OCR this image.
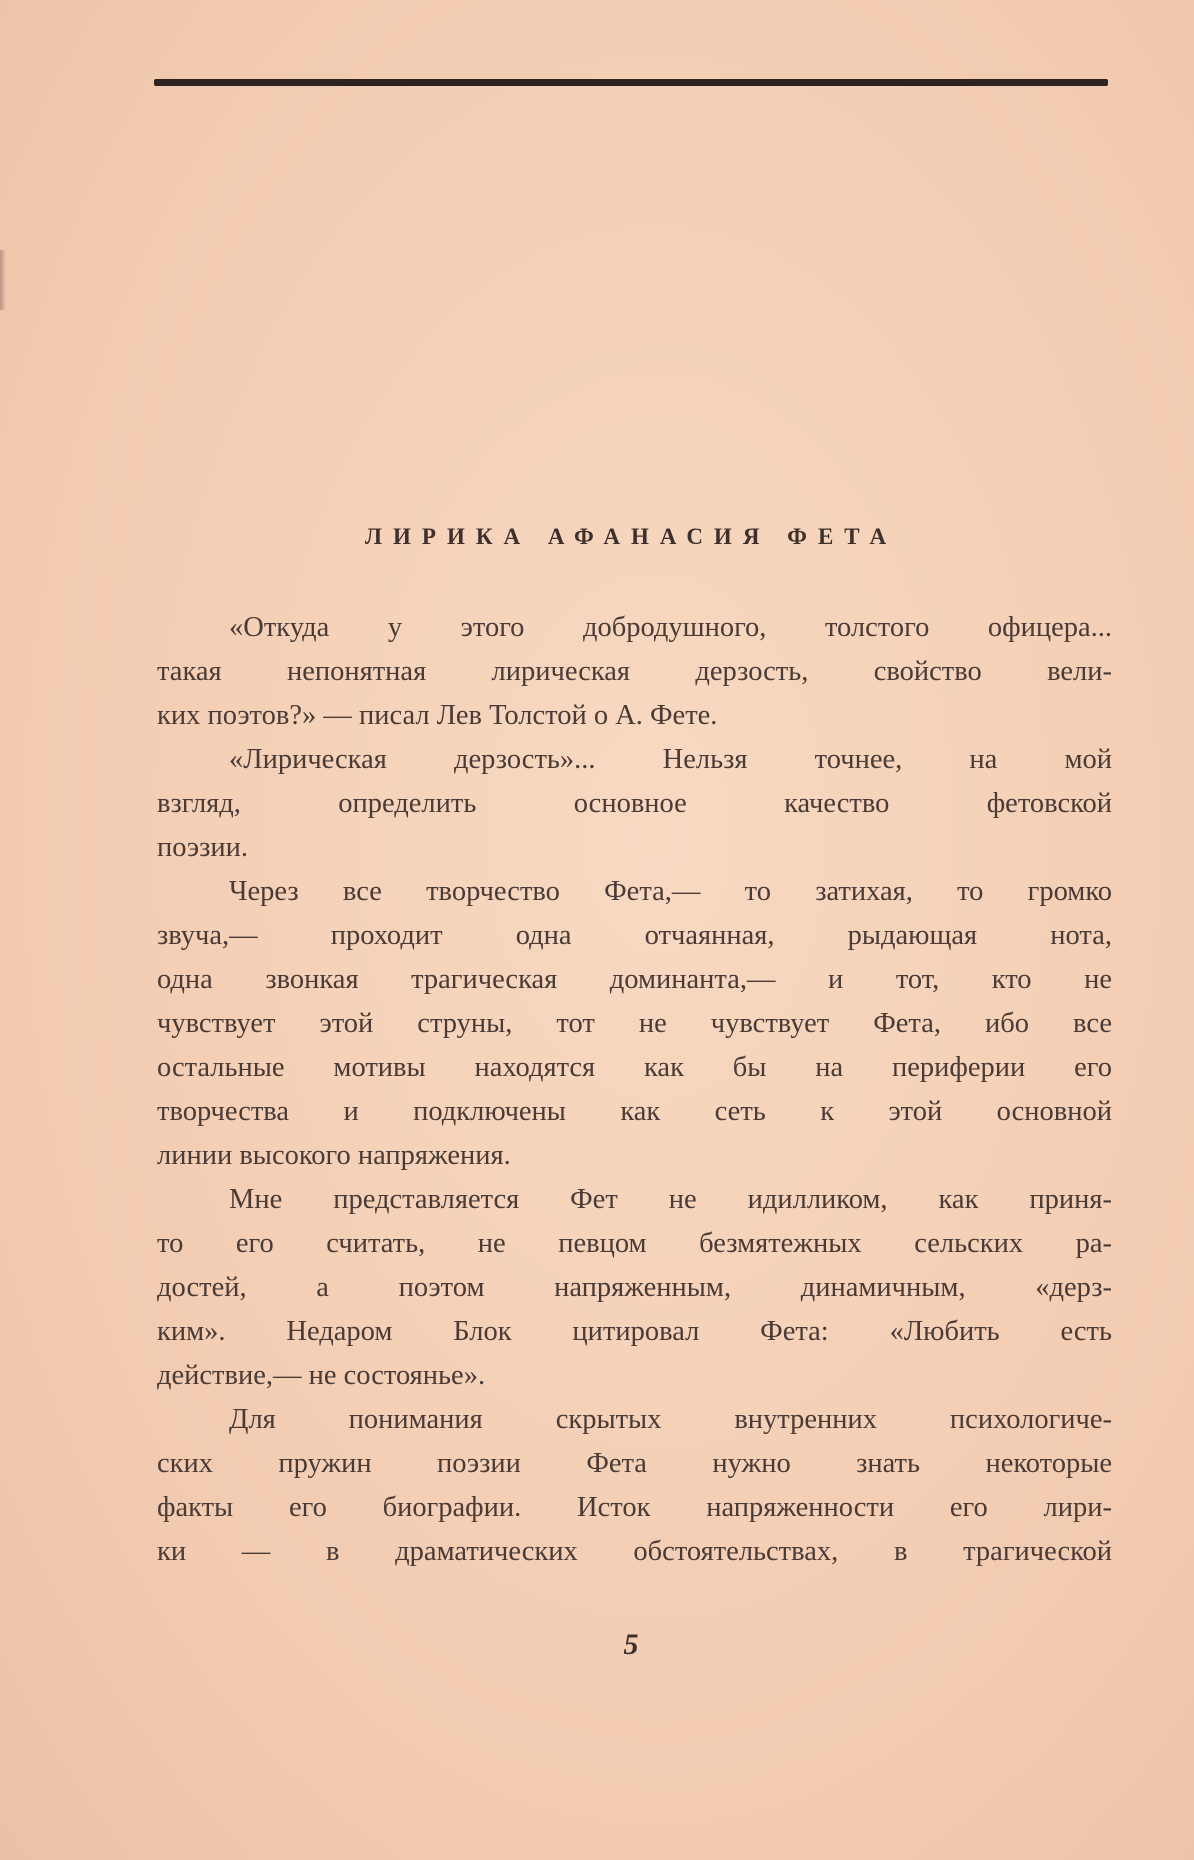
ЛИРИКА АФАНАСИЯ ФЕТА
«Откуда у этого добродушного, толстого офицера...
такая непонятная лирическая дерзость, свойство вели-
ких поэтов?» — писал Лев Толстой о А. Фете.
«Лирическая дерзость»... Нельзя точнее, на мой
взгляд, определить основное качество фетовской
поэзии.
Через все творчество Фета,— то затихая, то громко
звуча,— проходит одна отчаянная, рыдающая нота,
одна звонкая трагическая доминанта,— и тот, кто не
чувствует этой струны, тот не чувствует Фета, ибо все
остальные мотивы находятся как бы на периферии его
творчества и подключены как сеть к этой основной
линии высокого напряжения.
Мне представляется Фет не идилликом, как приня-
то его считать, не певцом безмятежных сельских ра-
достей, а поэтом напряженным, динамичным, «дерз-
ким». Недаром Блок цитировал Фета: «Любить есть
действие,— не состоянье».
Для понимания скрытых внутренних психологиче-
ских пружин поэзии Фета нужно знать некоторые
факты его биографии. Исток напряженности его лири-
ки — в драматических обстоятельствах, в трагической
5
